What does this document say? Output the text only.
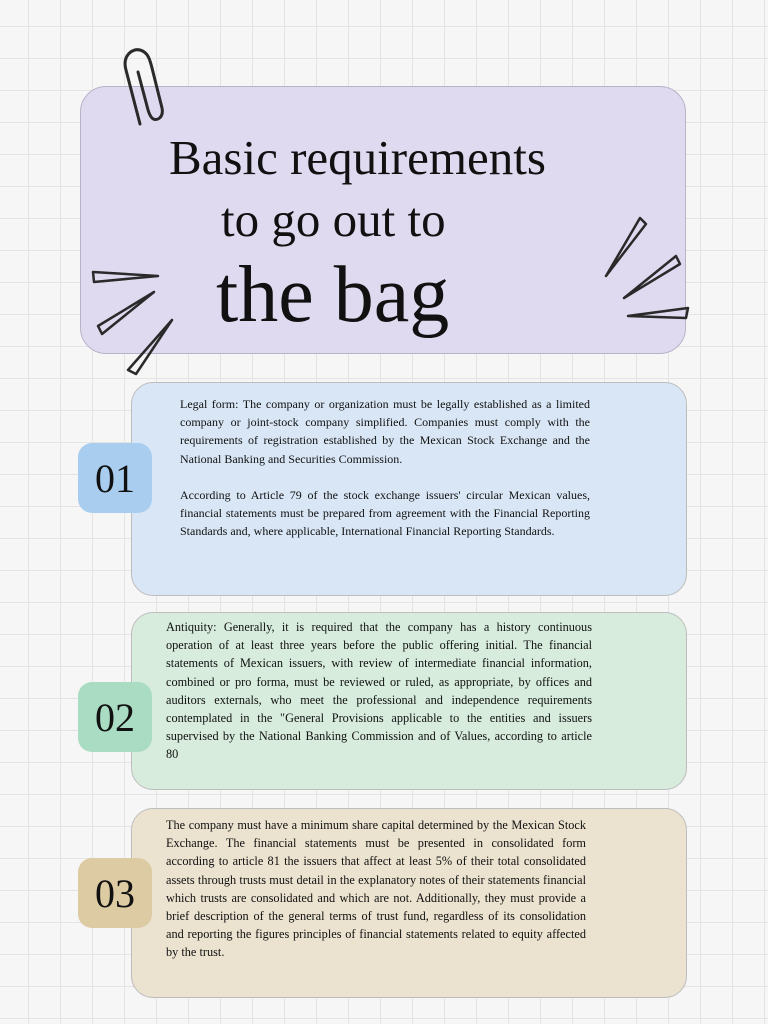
Basic requirements
to go out to
the bag

Legal form: The company or organization must be legally established as a limited company or joint-stock company simplified. Companies must comply with the requirements of registration established by the Mexican Stock Exchange and the National Banking and Securities Commission.

According to Article 79 of the stock exchange issuers' circular Mexican values, financial statements must be prepared from agreement with the Financial Reporting Standards and, where applicable, International Financial Reporting Standards.

01

Antiquity: Generally, it is required that the company has a history continuous operation of at least three years before the public offering initial. The financial statements of Mexican issuers, with review of intermediate financial information, combined or pro forma, must be reviewed or ruled, as appropriate, by offices and auditors externals, who meet the professional and independence requirements contemplated in the "General Provisions applicable to the entities and issuers supervised by the National Banking Commission and of Values, according to article 80

02

The company must have a minimum share capital determined by the Mexican Stock Exchange. The financial statements must be presented in consolidated form according to article 81 the issuers that affect at least 5% of their total consolidated assets through trusts must detail in the explanatory notes of their statements financial which trusts are consolidated and which are not. Additionally, they must provide a brief description of the general terms of trust fund, regardless of its consolidation and reporting the figures principles of financial statements related to equity affected by the trust.

03
